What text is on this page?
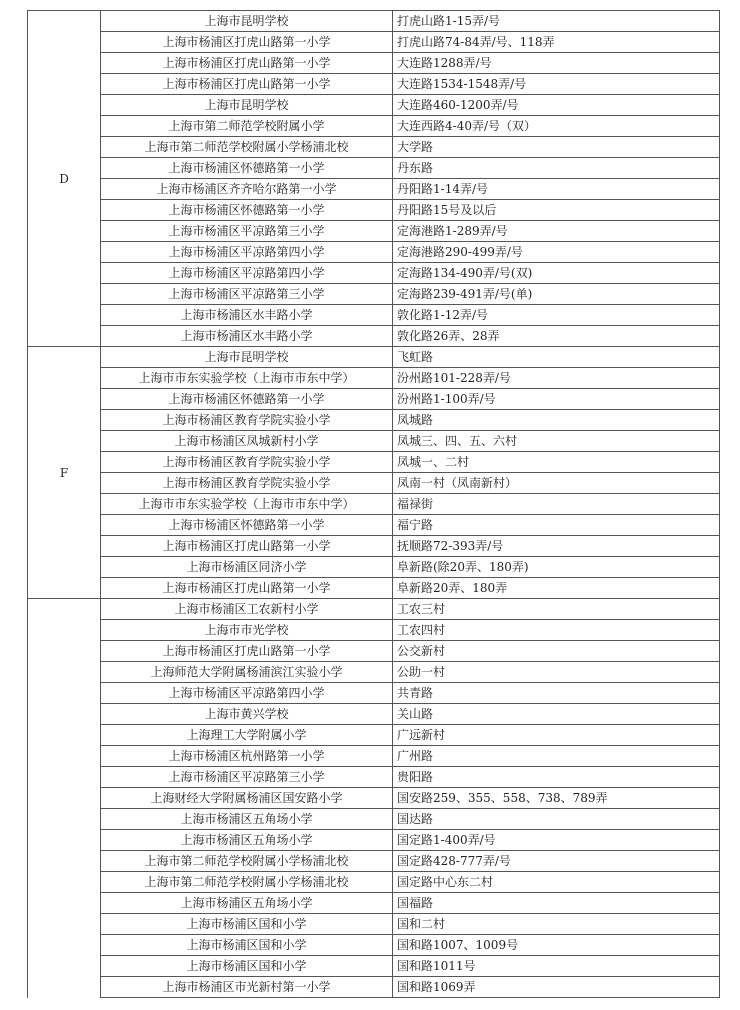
D	上海市昆明学校	打虎山路1-15弄/号
	上海市杨浦区打虎山路第一小学	打虎山路74-84弄/号、118弄
	上海市杨浦区打虎山路第一小学	大连路1288弄/号
	上海市杨浦区打虎山路第一小学	大连路1534-1548弄/号
	上海市昆明学校	大连路460-1200弄/号
	上海市第二师范学校附属小学	大连西路4-40弄/号（双）
	上海市第二师范学校附属小学杨浦北校	大学路
	上海市杨浦区怀德路第一小学	丹东路
	上海市杨浦区齐齐哈尔路第一小学	丹阳路1-14弄/号
	上海市杨浦区怀德路第一小学	丹阳路15号及以后
	上海市杨浦区平凉路第三小学	定海港路1-289弄/号
	上海市杨浦区平凉路第四小学	定海港路290-499弄/号
	上海市杨浦区平凉路第四小学	定海路134-490弄/号(双)
	上海市杨浦区平凉路第三小学	定海路239-491弄/号(单)
	上海市杨浦区水丰路小学	敦化路1-12弄/号
	上海市杨浦区水丰路小学	敦化路26弄、28弄
F	上海市昆明学校	飞虹路
	上海市市东实验学校（上海市市东中学）	汾州路101-228弄/号
	上海市杨浦区怀德路第一小学	汾州路1-100弄/号
	上海市杨浦区教育学院实验小学	凤城路
	上海市杨浦区凤城新村小学	凤城三、四、五、六村
	上海市杨浦区教育学院实验小学	凤城一、二村
	上海市杨浦区教育学院实验小学	凤南一村（凤南新村）
	上海市市东实验学校（上海市市东中学）	福禄街
	上海市杨浦区怀德路第一小学	福宁路
	上海市杨浦区打虎山路第一小学	抚顺路72-393弄/号
	上海市杨浦区同济小学	阜新路(除20弄、180弄)
	上海市杨浦区打虎山路第一小学	阜新路20弄、180弄
	上海市杨浦区工农新村小学	工农三村
	上海市市光学校	工农四村
	上海市杨浦区打虎山路第一小学	公交新村
	上海师范大学附属杨浦滨江实验小学	公助一村
	上海市杨浦区平凉路第四小学	共青路
	上海市黄兴学校	关山路
	上海理工大学附属小学	广远新村
	上海市杨浦区杭州路第一小学	广州路
	上海市杨浦区平凉路第三小学	贵阳路
	上海财经大学附属杨浦区国安路小学	国安路259、355、558、738、789弄
	上海市杨浦区五角场小学	国达路
	上海市杨浦区五角场小学	国定路1-400弄/号
	上海市第二师范学校附属小学杨浦北校	国定路428-777弄/号
	上海市第二师范学校附属小学杨浦北校	国定路中心东二村
	上海市杨浦区五角场小学	国福路
	上海市杨浦区国和小学	国和二村
	上海市杨浦区国和小学	国和路1007、1009号
	上海市杨浦区国和小学	国和路1011号
	上海市杨浦区市光新村第一小学	国和路1069弄
